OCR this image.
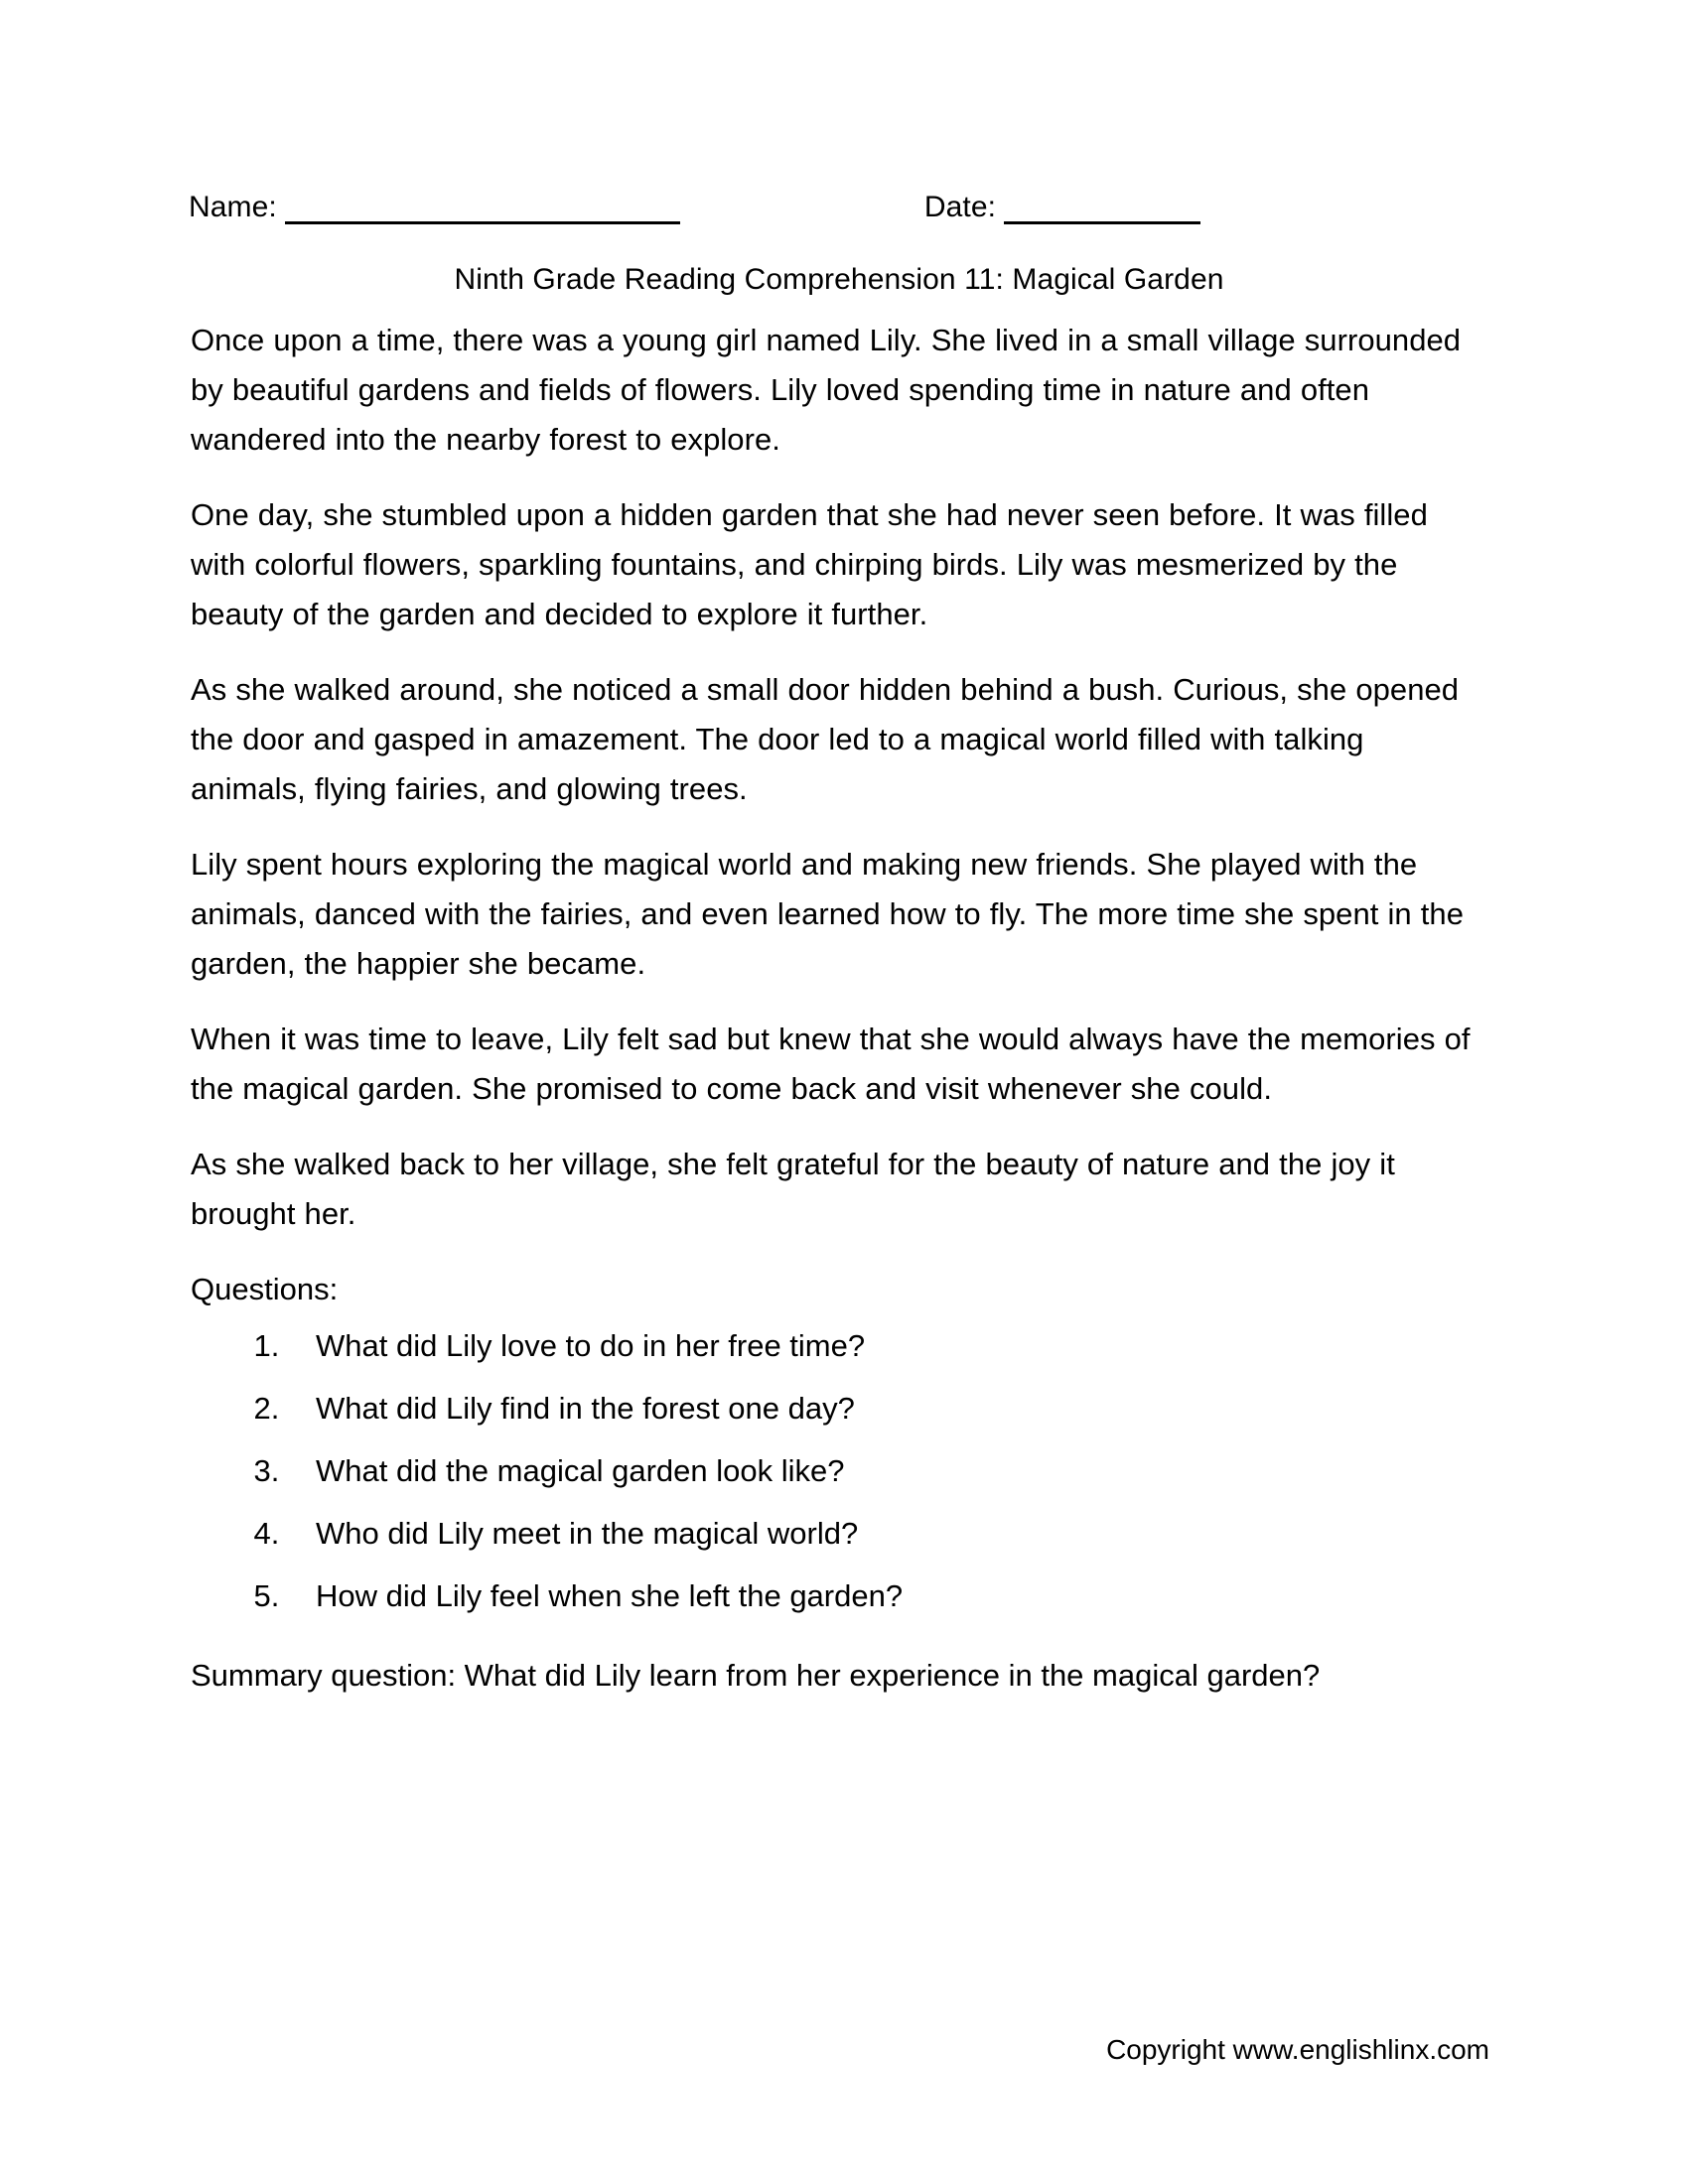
Name:	Date:
Ninth Grade Reading Comprehension 11: Magical Garden

Once upon a time, there was a young girl named Lily. She lived in a small village surrounded by beautiful gardens and fields of flowers. Lily loved spending time in nature and often wandered into the nearby forest to explore.

One day, she stumbled upon a hidden garden that she had never seen before. It was filled with colorful flowers, sparkling fountains, and chirping birds. Lily was mesmerized by the beauty of the garden and decided to explore it further.

As she walked around, she noticed a small door hidden behind a bush. Curious, she opened the door and gasped in amazement. The door led to a magical world filled with talking animals, flying fairies, and glowing trees.

Lily spent hours exploring the magical world and making new friends. She played with the animals, danced with the fairies, and even learned how to fly. The more time she spent in the garden, the happier she became.

When it was time to leave, Lily felt sad but knew that she would always have the memories of the magical garden. She promised to come back and visit whenever she could.

As she walked back to her village, she felt grateful for the beauty of nature and the joy it brought her.

Questions:

1. What did Lily love to do in her free time?
2. What did Lily find in the forest one day?
3. What did the magical garden look like?
4. Who did Lily meet in the magical world?
5. How did Lily feel when she left the garden?

Summary question: What did Lily learn from her experience in the magical garden?

Copyright www.englishlinx.com
